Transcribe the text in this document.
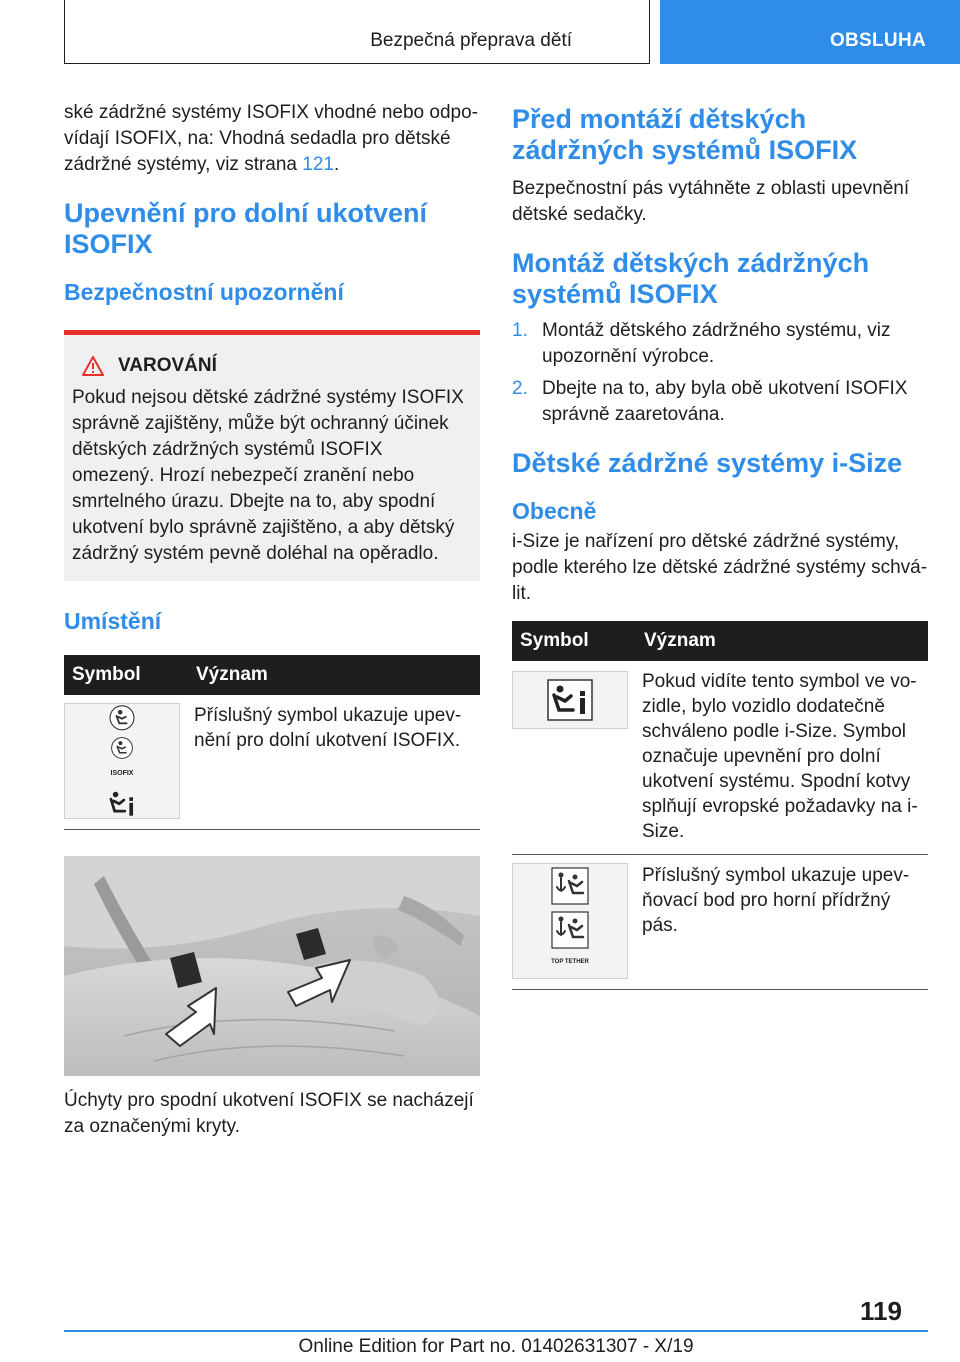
Bezpečná přeprava dětí	OBSLUHA

ské zádržné systémy ISOFIX vhodné nebo odpovídají ISOFIX, na: Vhodná sedadla pro dětské zádržné systémy, viz strana 121.

Upevnění pro dolní ukotvení ISOFIX
Bezpečnostní upozornění
VAROVÁNÍ

Pokud nejsou dětské zádržné systémy ISOFIX správně zajištěny, může být ochranný účinek dětských zádržných systémů ISOFIX omezený. Hrozí nebezpečí zranění nebo smrtelného úrazu. Dbejte na to, aby spodní ukotvení bylo správně zajištěno, a aby dětský zádržný systém pevně doléhal na opěradlo.

Umístění
Symbol	Význam

ISOFIX	Příslušný symbol ukazuje upevnění pro dolní ukotvení ISOFIX.

Úchyty pro spodní ukotvení ISOFIX se nacházejí za označenými kryty.

Před montáží dětských zádržných systémů ISOFIX

Bezpečnostní pás vytáhněte z oblasti upevnění dětské sedačky.

Montáž dětských zádržných systémů ISOFIX
1. Montáž dětského zádržného systému, viz upozornění výrobce.
2. Dbejte na to, aby byla obě ukotvení ISOFIX správně zaaretována.
Dětské zádržné systémy i-Size
Obecně

i-Size je nařízení pro dětské zádržné systémy, podle kterého lze dětské zádržné systémy schválit.

Symbol	Význam

	Pokud vidíte tento symbol ve vozidle, bylo vozidlo dodatečně schváleno podle i-Size. Symbol označuje upevnění pro dolní ukotvení systému. Spodní kotvy splňují evropské požadavky na i-Size.

TOP TETHER	Příslušný symbol ukazuje upevňovací bod pro horní přídržný pás.
119
Online Edition for Part no. 01402631307 - X/19
